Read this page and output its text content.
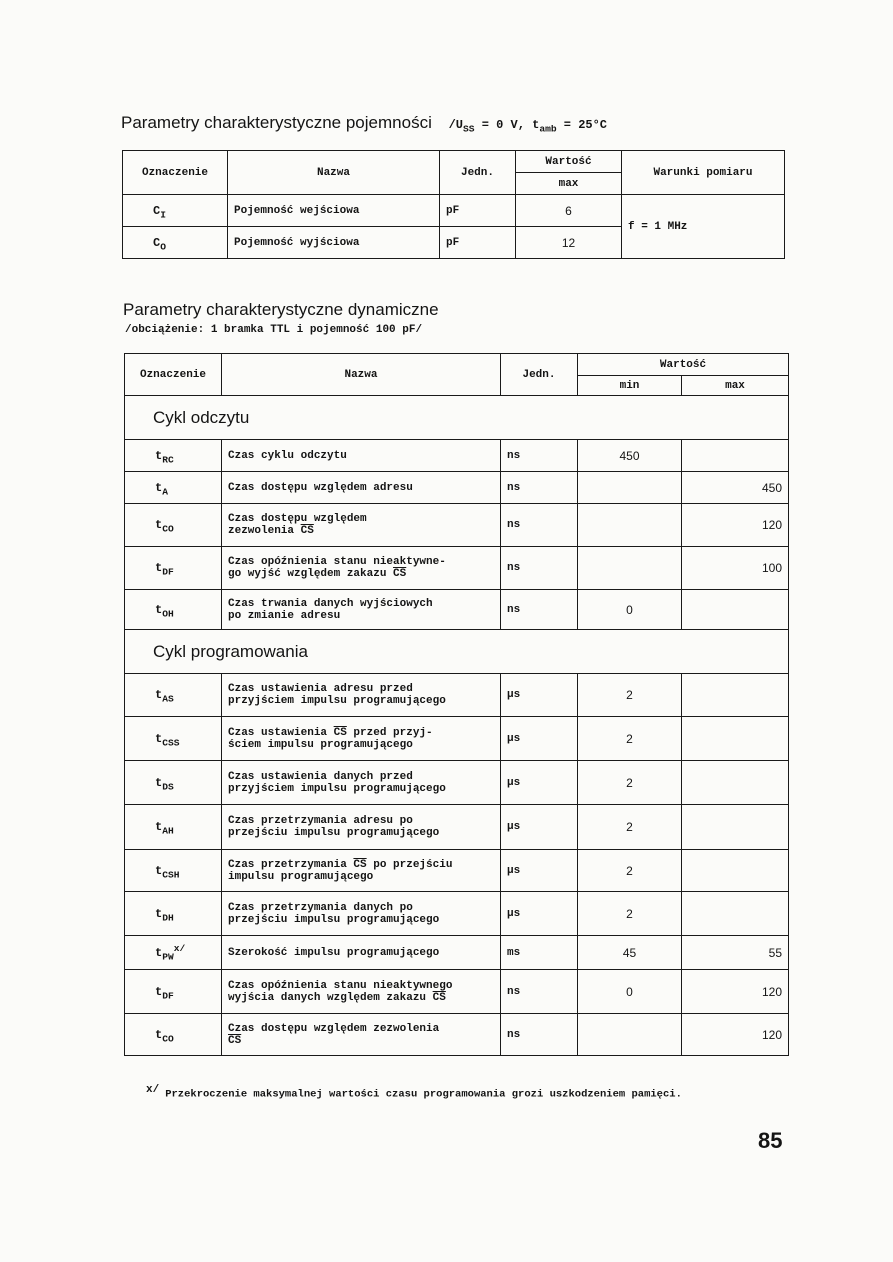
Parametry charakterystyczne pojemności $/U_{SS} = 0$ V, $t_{amb} = 25^\circ C$
Oznaczenie	Nazwa	Jedn.	Wartość	Warunki pomiaru
			max	
$C_I$	Pojemność wejściowa	pF	6	f = 1 MHz
$C_O$	Pojemność wyjściowa	pF	12	
Parametry charakterystyczne dynamiczne
/obciążenie: 1 bramka TTL i pojemność 100 pF/
Oznaczenie	Nazwa	Jedn.	Wartość	
			min	max
Cykl odczytu				
$t_{RC}$	Czas cyklu odczytu	ns	450	
$t_A$	Czas dostępu względem adresu	ns		450
$t_{CO}$	Czas dostępu względem
zezwolenia $\overline{CS}$	ns		120
$t_{DF}$	Czas opóźnienia stanu nieaktywne-
go wyjść względem zakazu $\overline{CS}$	ns		100
$t_{OH}$	Czas trwania danych wyjściowych
po zmianie adresu	ns	0	
Cykl programowania				
$t_{AS}$	Czas ustawienia adresu przed
przyjściem impulsu programującego	μs	2	
$t_{CSS}$	Czas ustawienia $\overline{CS}$ przed przyj-
ściem impulsu programującego	μs	2	
$t_{DS}$	Czas ustawienia danych przed
przyjściem impulsu programującego	μs	2	
$t_{AH}$	Czas przetrzymania adresu po
przejściu impulsu programującego	μs	2	
$t_{CSH}$	Czas przetrzymania $\overline{CS}$ po przejściu
impulsu programującego	μs	2	
$t_{DH}$	Czas przetrzymania danych po
przejściu impulsu programującego	μs	2	
$t_{PW}^{x/}$	Szerokość impulsu programującego	ms	45	55
$t_{DF}$	Czas opóźnienia stanu nieaktywnego
wyjścia danych względem zakazu $\overline{CS}$	ns	0	120
$t_{CO}$	Czas dostępu względem zezwolenia
$\overline{CS}$	ns		120
x/ Przekroczenie maksymalnej wartości czasu programowania grozi uszkodzeniem pamięci.
85
